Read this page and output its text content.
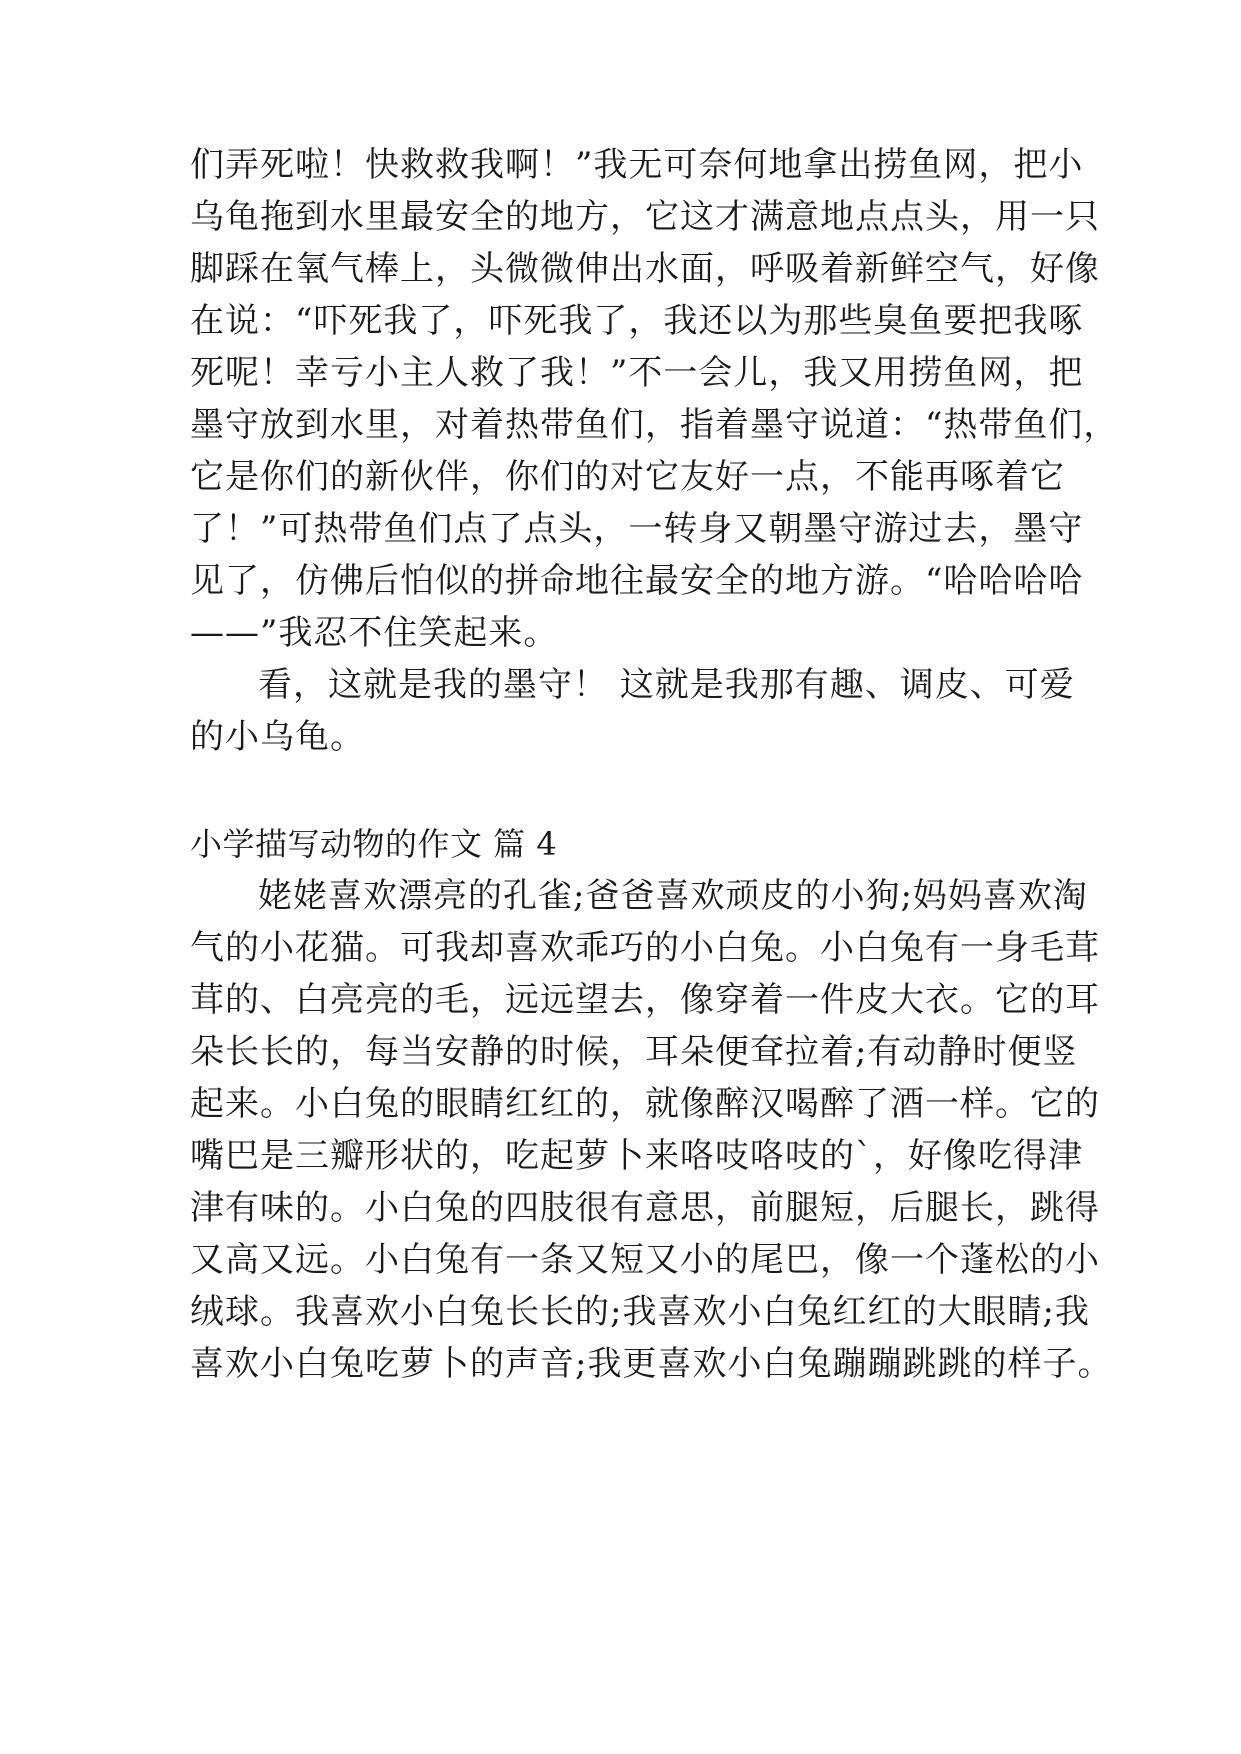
们弄死啦！快救救我啊！”我无可奈何地拿出捞鱼网，把小
乌龟拖到水里最安全的地方，它这才满意地点点头，用一只
脚踩在氧气棒上，头微微伸出水面，呼吸着新鲜空气，好像
在说：“吓死我了，吓死我了，我还以为那些臭鱼要把我啄
死呢！幸亏小主人救了我！”不一会儿，我又用捞鱼网，把
墨守放到水里，对着热带鱼们，指着墨守说道：“热带鱼们，
它是你们的新伙伴，你们的对它友好一点，不能再啄着它
了！”可热带鱼们点了点头，一转身又朝墨守游过去，墨守
见了，仿佛后怕似的拼命地往最安全的地方游。“哈哈哈哈
——”我忍不住笑起来。
看，这就是我的墨守！ 这就是我那有趣、调皮、可爱
的小乌龟。
小学描写动物的作文 篇 4
姥姥喜欢漂亮的孔雀;爸爸喜欢顽皮的小狗;妈妈喜欢淘
气的小花猫。可我却喜欢乖巧的小白兔。小白兔有一身毛茸
茸的、白亮亮的毛，远远望去，像穿着一件皮大衣。它的耳
朵长长的，每当安静的时候，耳朵便耷拉着;有动静时便竖
起来。小白兔的眼睛红红的，就像醉汉喝醉了酒一样。它的
嘴巴是三瓣形状的，吃起萝卜来咯吱咯吱的`，好像吃得津
津有味的。小白兔的四肢很有意思，前腿短，后腿长，跳得
又高又远。小白兔有一条又短又小的尾巴，像一个蓬松的小
绒球。我喜欢小白兔长长的;我喜欢小白兔红红的大眼睛;我
喜欢小白兔吃萝卜的声音;我更喜欢小白兔蹦蹦跳跳的样子。
